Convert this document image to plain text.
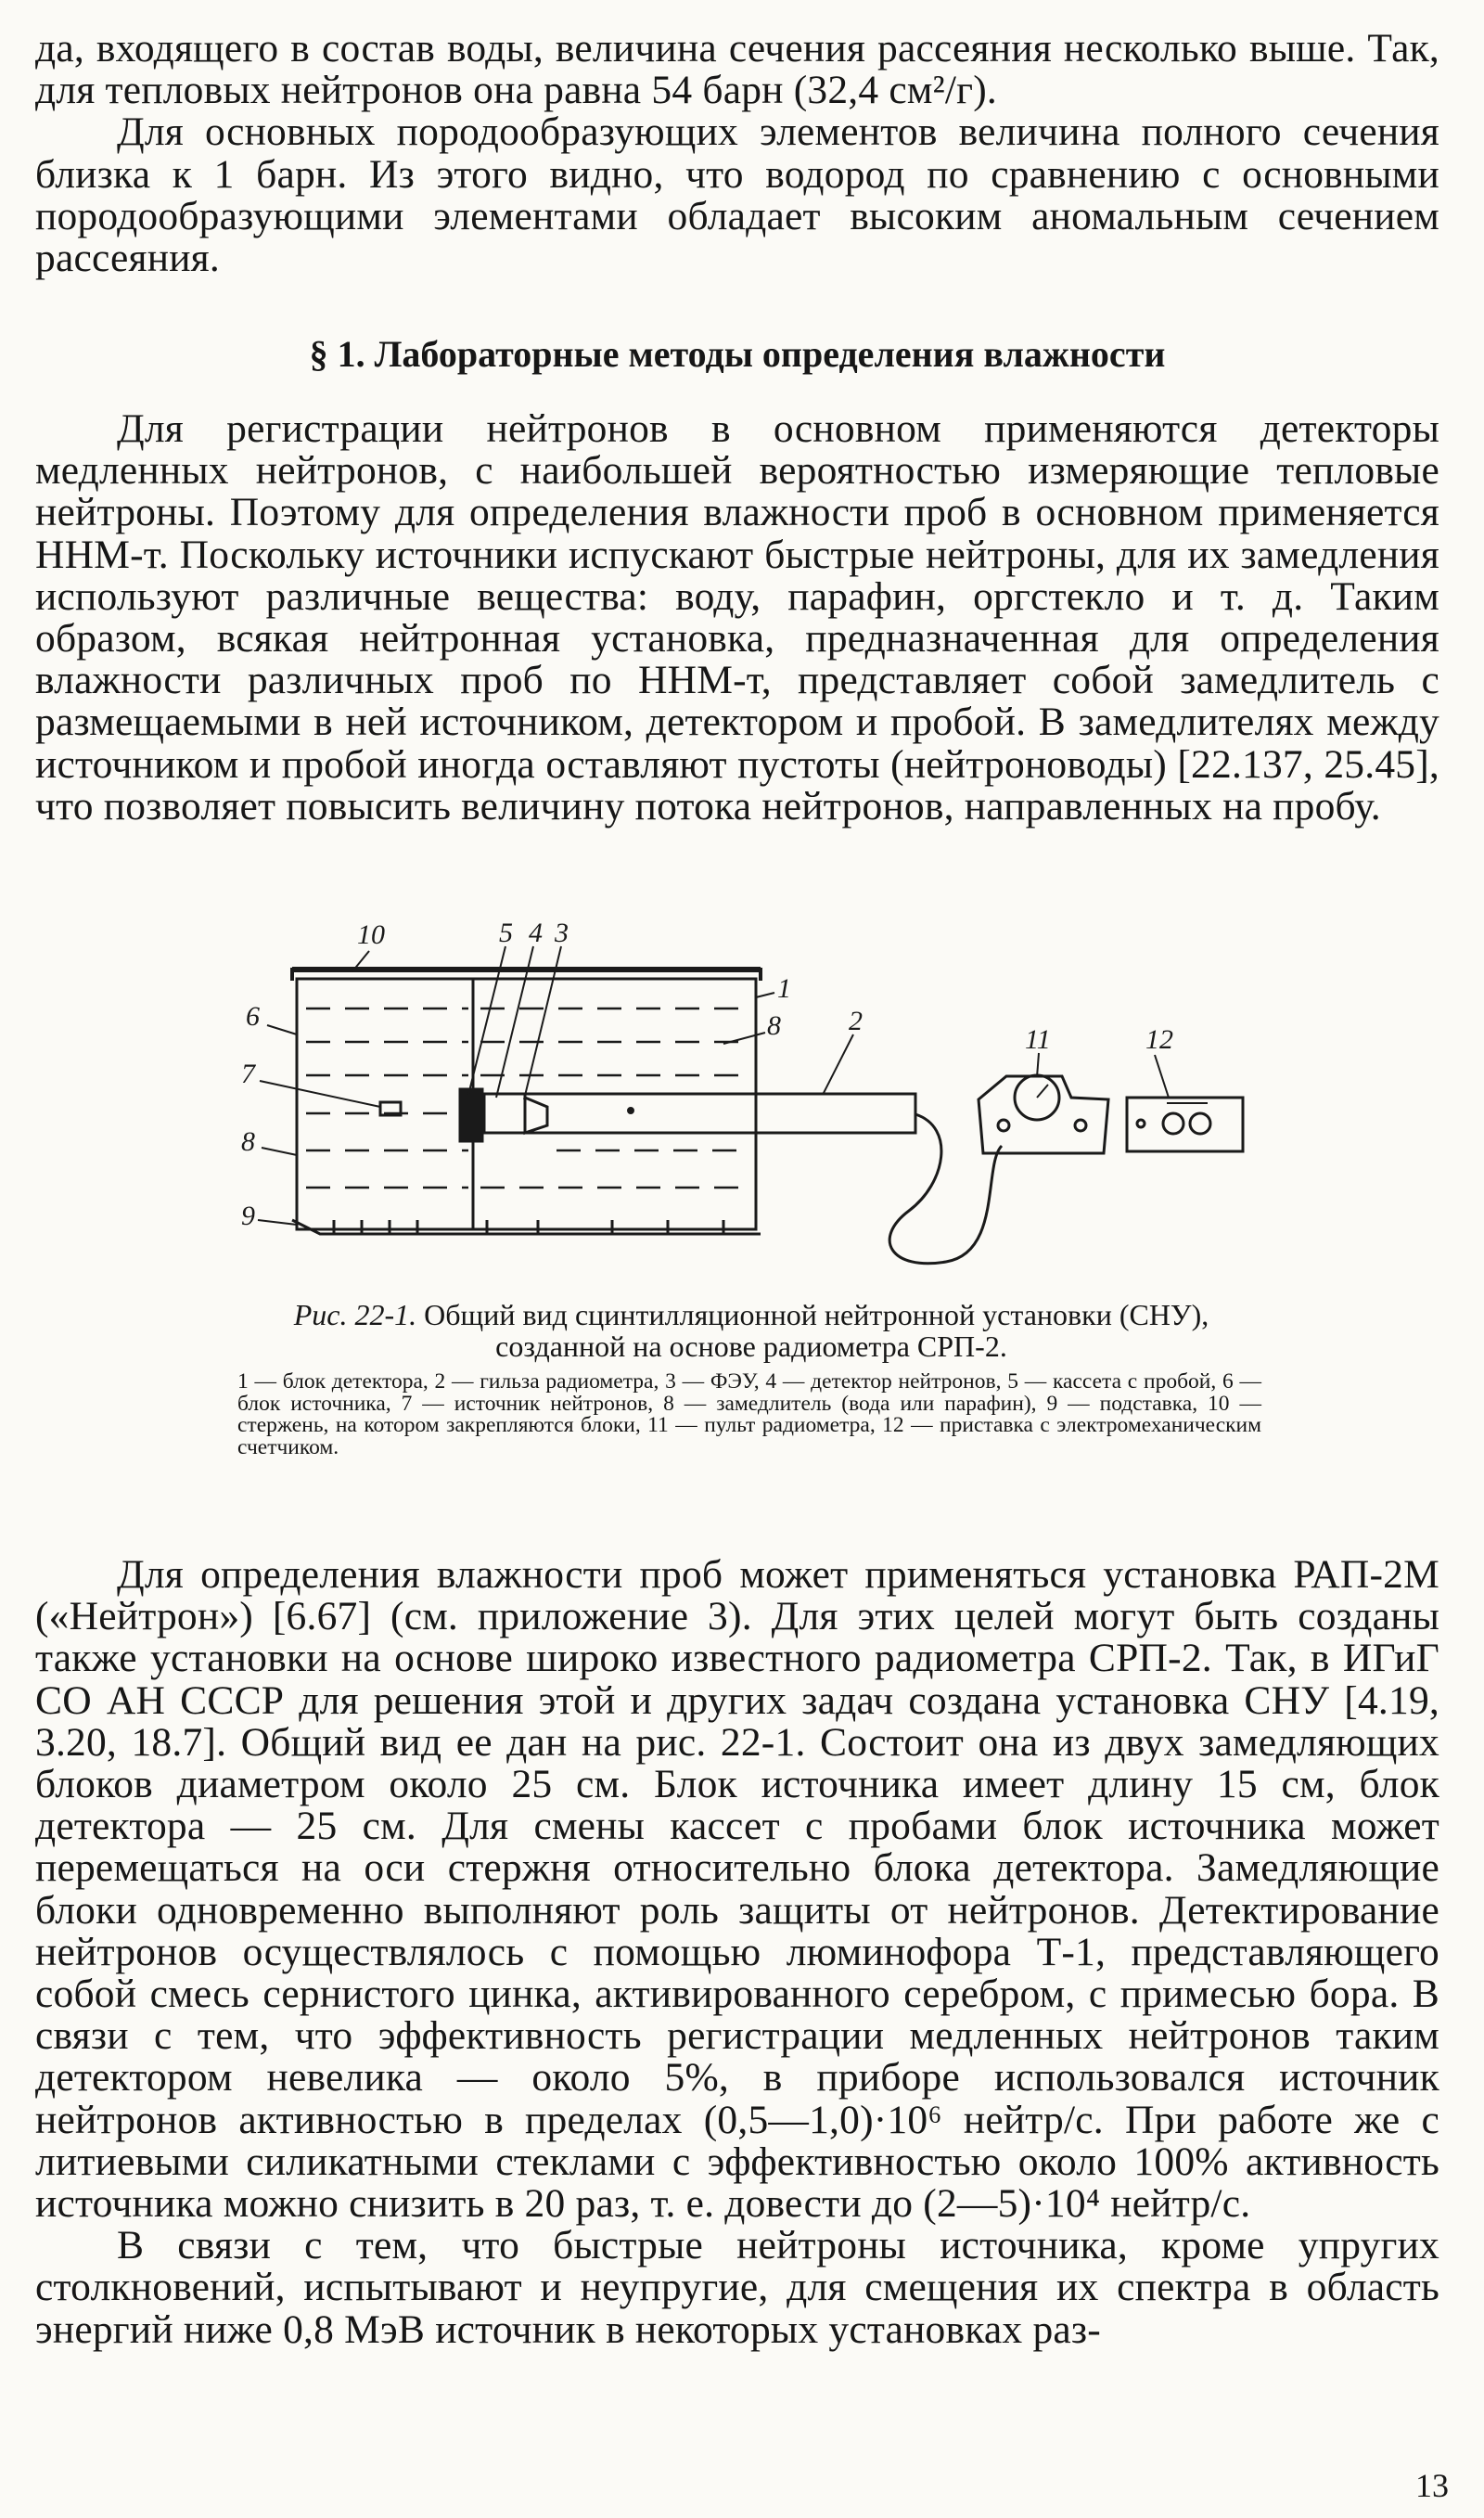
да, входящего в состав воды, величина сечения рассеяния несколько выше. Так, для тепловых нейтронов она равна 54 барн (32,4 см²/г).

Для основных породообразующих элементов величина полного сечения близка к 1 барн. Из этого видно, что водород по сравнению с основными породообразующими элементами обладает высоким аномальным сечением рассеяния.

§ 1. Лабораторные методы определения влажности

Для регистрации нейтронов в основном применяются детекторы медленных нейтронов, с наибольшей вероятностью измеряющие тепловые нейтроны. Поэтому для определения влажности проб в основном применяется ННМ-т. Поскольку источники испускают быстрые нейтроны, для их замедления используют различные вещества: воду, парафин, оргстекло и т. д. Таким образом, всякая нейтронная установка, предназначенная для определения влажности различных проб по ННМ-т, представляет собой замедлитель с размещаемыми в ней источником, детектором и пробой. В замедлителях между источником и пробой иногда оставляют пустоты (нейтроноводы) [22.137, 25.45], что позволяет повысить величину потока нейтронов, направленных на пробу.

10	5 4 3
1
6	8 2
11	12
7
8
9

Рис. 22-1. Общий вид сцинтилляционной нейтронной установки (СНУ), созданной на основе радиометра СРП-2.

1 — блок детектора, 2 — гильза радиометра, 3 — ФЭУ, 4 — детектор нейтронов, 5 — кассета с пробой, 6 — блок источника, 7 — источник нейтронов, 8 — замедлитель (вода или парафин), 9 — подставка, 10 — стержень, на котором закрепляются блоки, 11 — пульт радиометра, 12 — приставка с электромеханическим счетчиком.

Для определения влажности проб может применяться установка РАП-2М («Нейтрон») [6.67] (см. приложение 3). Для этих целей могут быть созданы также установки на основе широко известного радиометра СРП-2. Так, в ИГиГ СО АН СССР для решения этой и других задач создана установка СНУ [4.19, 3.20, 18.7]. Общий вид ее дан на рис. 22-1. Состоит она из двух замедляющих блоков диаметром около 25 см. Блок источника имеет длину 15 см, блок детектора — 25 см. Для смены кассет с пробами блок источника может перемещаться на оси стержня относительно блока детектора. Замедляющие блоки одновременно выполняют роль защиты от нейтронов. Детектирование нейтронов осуществлялось с помощью люминофора Т-1, представляющего собой смесь сернистого цинка, активированного серебром, с примесью бора. В связи с тем, что эффективность регистрации медленных нейтронов таким детектором невелика — около 5%, в приборе использовался источник нейтронов активностью в пределах (0,5—1,0)·10⁶ нейтр/с. При работе же с литиевыми силикатными стеклами с эффективностью около 100% активность источника можно снизить в 20 раз, т. е. довести до (2—5)·10⁴ нейтр/с.

В связи с тем, что быстрые нейтроны источника, кроме упругих столкновений, испытывают и неупругие, для смещения их спектра в область энергий ниже 0,8 МэВ источник в некоторых установках раз-

13
